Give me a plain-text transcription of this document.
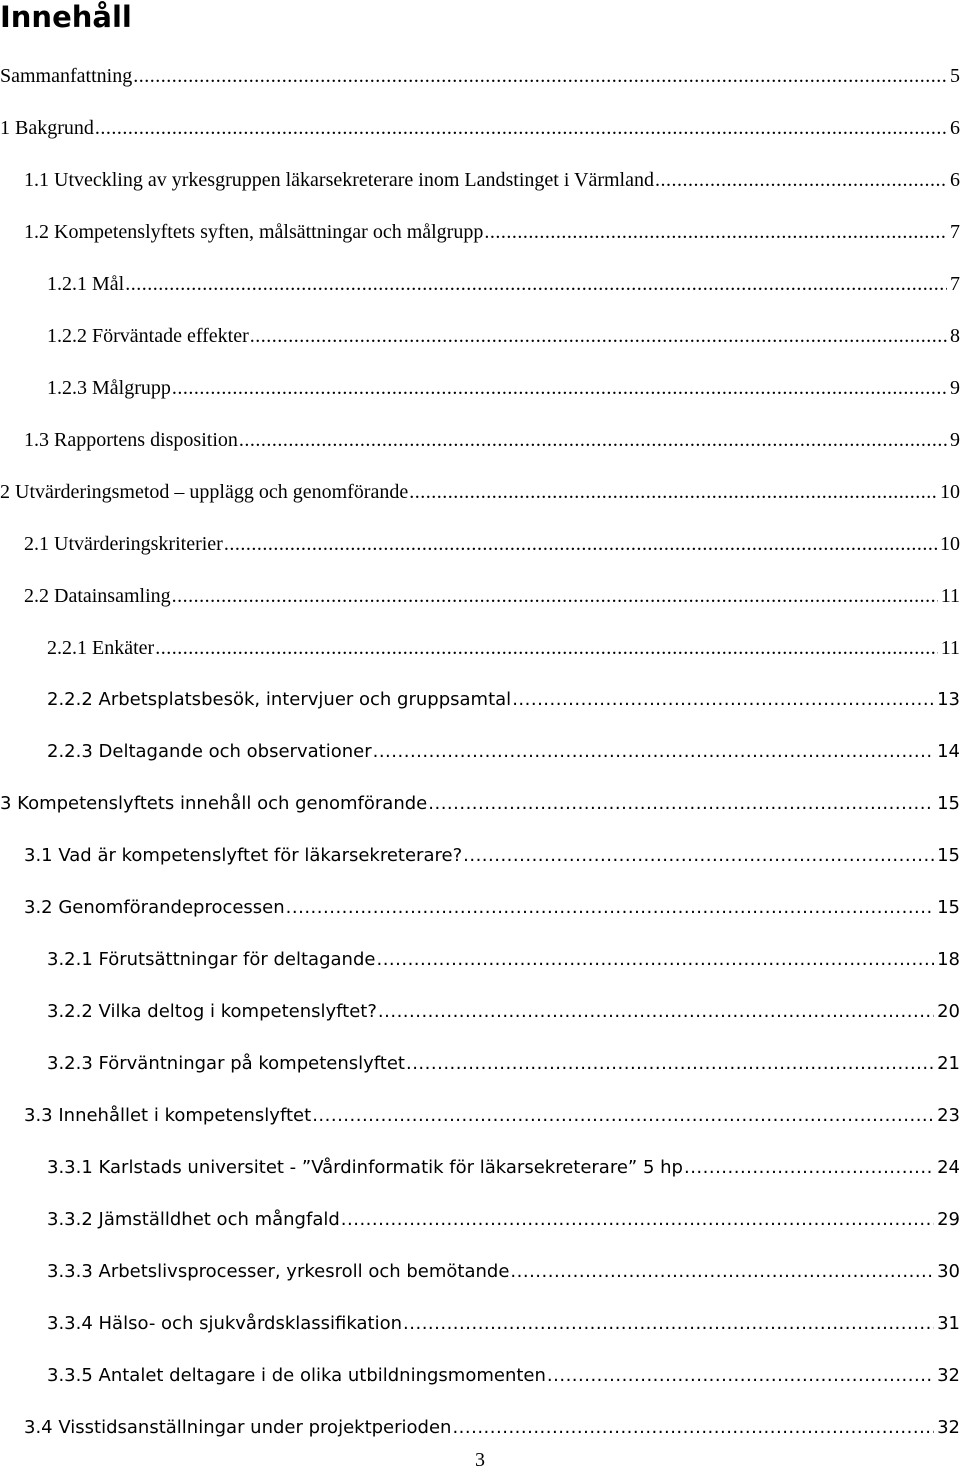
Innehåll
Sammanfattning .....	5
1 Bakgrund .....	6
1.1 Utveckling av yrkesgruppen läkarsekreterare inom Landstinget i Värmland .....	6
1.2 Kompetenslyftets syften, målsättningar och målgrupp .....	7
1.2.1 Mål .....	7
1.2.2 Förväntade effekter .....	8
1.2.3 Målgrupp .....	9
1.3 Rapportens disposition .....	9
2 Utvärderingsmetod – upplägg och genomförande .....	10
2.1 Utvärderingskriterier .....	10
2.2 Datainsamling .....	11
2.2.1 Enkäter .....	11
2.2.2 Arbetsplatsbesök, intervjuer och gruppsamtal .....	13
2.2.3 Deltagande och observationer .....	14
3 Kompetenslyftets innehåll och genomförande .....	15
3.1 Vad är kompetenslyftet för läkarsekreterare? .....	15
3.2 Genomförandeprocessen .....	15
3.2.1 Förutsättningar för deltagande .....	18
3.2.2 Vilka deltog i kompetenslyftet? .....	20
3.2.3 Förväntningar på kompetenslyftet .....	21
3.3 Innehållet i kompetenslyftet .....	23
3.3.1 Karlstads universitet - ”Vårdinformatik för läkarsekreterare” 5 hp .....	24
3.3.2 Jämställdhet och mångfald .....	29
3.3.3 Arbetslivsprocesser, yrkesroll och bemötande .....	30
3.3.4 Hälso- och sjukvårdsklassifikation .....	31
3.3.5 Antalet deltagare i de olika utbildningsmomenten .....	32
3.4 Visstidsanställningar under projektperioden .....	32
3
